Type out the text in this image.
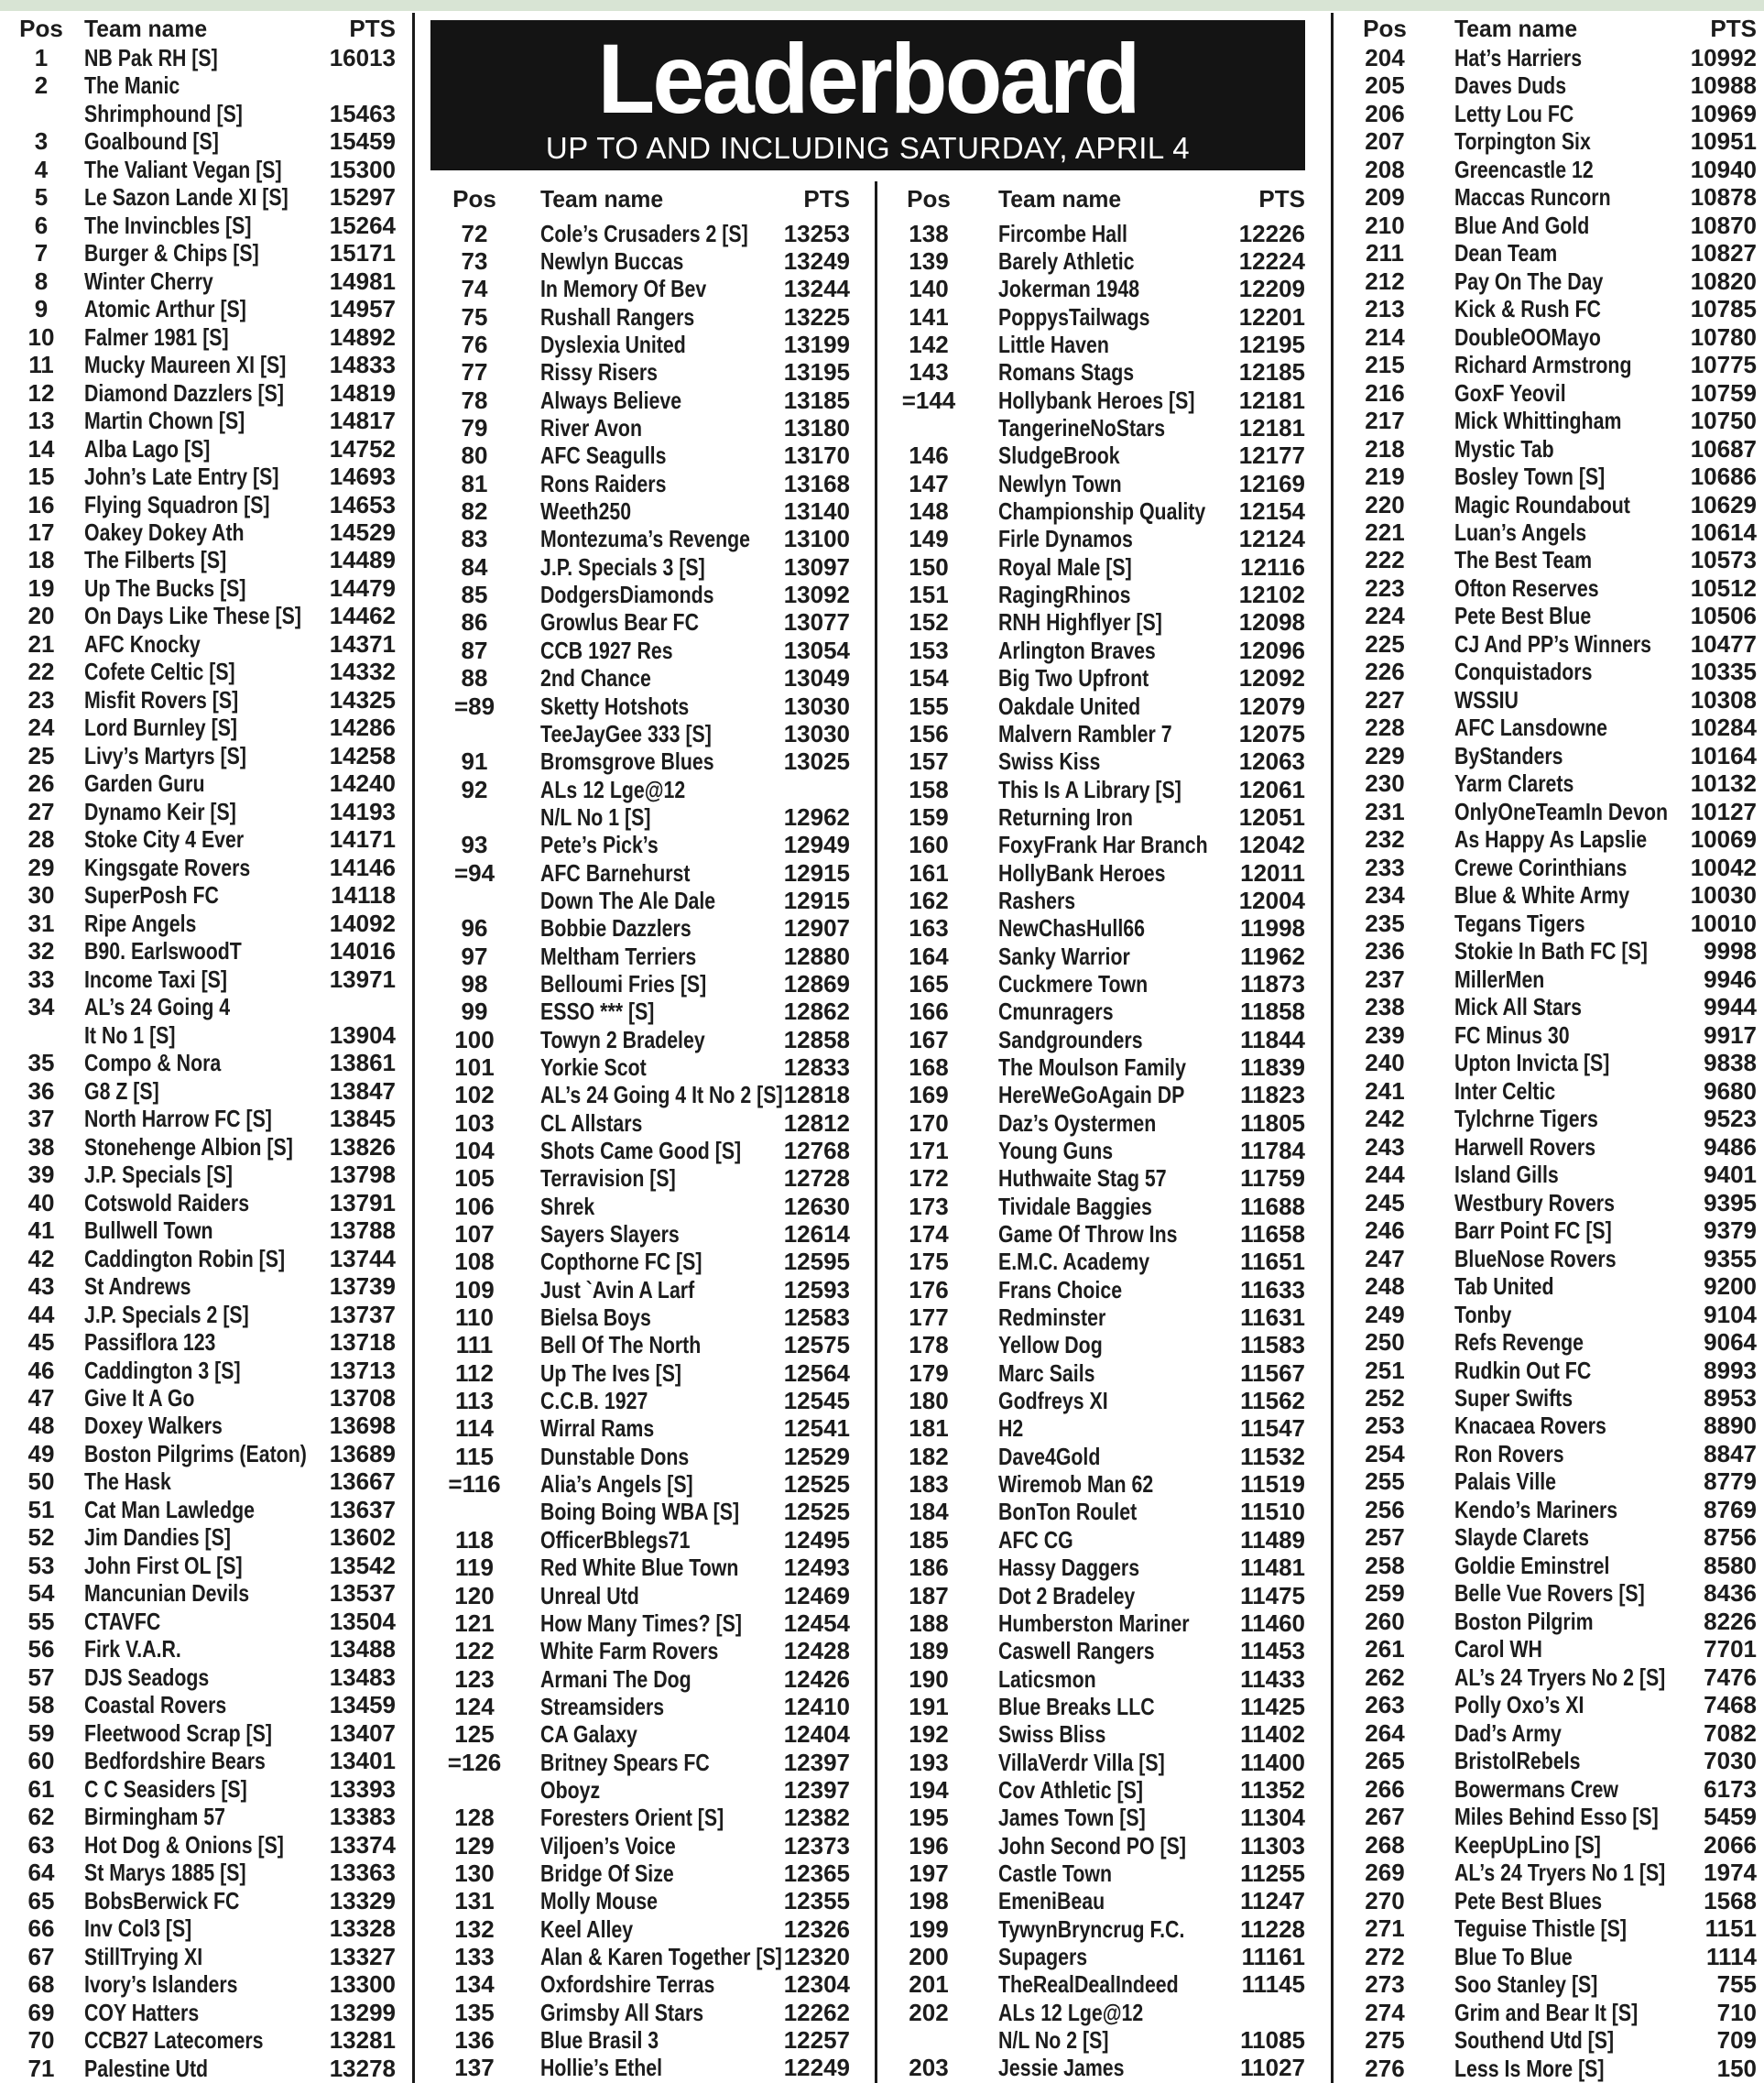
Leaderboard
UP TO AND INCLUDING SATURDAY, APRIL 4
Pos Team name	PTS
1	NB Pak RH [S]	16013
2	The Manic
Shrimphound [S]	15463
3	Goalbound [S]	15459
4	The Valiant Vegan [S]	15300
5	Le Sazon Lande XI [S]	15297
6	The Invincbles [S]	15264
7	Burger & Chips [S]	15171
8	Winter Cherry	14981
9	Atomic Arthur [S]	14957
10	Falmer 1981 [S]	14892
11	Mucky Maureen XI [S]	14833
12	Diamond Dazzlers [S]	14819
13	Martin Chown [S]	14817
14	Alba Lago [S]	14752
15	John’s Late Entry [S]	14693
16	Flying Squadron [S]	14653
17	Oakey Dokey Ath	14529
18	The Filberts [S]	14489
19	Up The Bucks [S]	14479
20	On Days Like These [S]	14462
21	AFC Knocky	14371
22	Cofete Celtic [S]	14332
23	Misfit Rovers [S]	14325
24	Lord Burnley [S]	14286
25	Livy’s Martyrs [S]	14258
26	Garden Guru	14240
27	Dynamo Keir [S]	14193
28	Stoke City 4 Ever	14171
29	Kingsgate Rovers	14146
30	SuperPosh FC	14118
31	Ripe Angels	14092
32	B90. EarlswoodT	14016
33	Income Taxi [S]	13971
34	AL’s 24 Going 4
It No 1 [S]	13904
35	Compo & Nora	13861
36	G8 Z [S]	13847
37	North Harrow FC [S]	13845
38	Stonehenge Albion [S]	13826
39	J.P. Specials [S]	13798
40	Cotswold Raiders	13791
41	Bullwell Town	13788
42	Caddington Robin [S]	13744
43	St Andrews	13739
44	J.P. Specials 2 [S]	13737
45	Passiflora 123	13718
46	Caddington 3 [S]	13713
47	Give It A Go	13708
48	Doxey Walkers	13698
49	Boston Pilgrims (Eaton) 13689
50	The Hask	13667
51	Cat Man Lawledge	13637
52	Jim Dandies [S]	13602
53	John First OL [S]	13542
54	Mancunian Devils	13537
55	CTAVFC	13504
56	Firk V.A.R.	13488
57	DJS Seadogs	13483
58	Coastal Rovers	13459
59	Fleetwood Scrap [S]	13407
60	Bedfordshire Bears	13401
61	C C Seasiders [S]	13393
62	Birmingham 57	13383
63	Hot Dog & Onions [S]	13374
64	St Marys 1885 [S]	13363
65	BobsBerwick FC	13329
66	Inv Col3 [S]	13328
67	StillTrying XI	13327
68	Ivory’s Islanders	13300
69	COY Hatters	13299
70	CCB27 Latecomers	13281
71	Palestine Utd	13278
Pos	Team name	PTS
72	Cole’s Crusaders 2 [S]	13253
73	Newlyn Buccas	13249
74	In Memory Of Bev	13244
75	Rushall Rangers	13225
76	Dyslexia United	13199
77	Rissy Risers	13195
78	Always Believe	13185
79	River Avon	13180
80	AFC Seagulls	13170
81	Rons Raiders	13168
82	Weeth250	13140
83	Montezuma’s Revenge	13100
84	J.P. Specials 3 [S]	13097
85	DodgersDiamonds	13092
86	Growlus Bear FC	13077
87	CCB 1927 Res	13054
88	2nd Chance	13049
=89	Sketty Hotshots	13030
TeeJayGee 333 [S]	13030
91	Bromsgrove Blues	13025
92	ALs 12 Lge@12
N/L No 1 [S]	12962
93	Pete’s Pick’s	12949
=94	AFC Barnehurst	12915
Down The Ale Dale	12915
96	Bobbie Dazzlers	12907
97	Meltham Terriers	12880
98	Belloumi Fries [S]	12869
99	ESSO *** [S]	12862
100	Towyn 2 Bradeley	12858
101	Yorkie Scot	12833
102	AL’s 24 Going 4 It No 2 [S] 12818
103	CL Allstars	12812
104	Shots Came Good [S]	12768
105	Terravision [S]	12728
106	Shrek	12630
107	Sayers Slayers	12614
108	Copthorne FC [S]	12595
109	Just `Avin A Larf	12593
110	Bielsa Boys	12583
111	Bell Of The North	12575
112	Up The Ives [S]	12564
113	C.C.B. 1927	12545
114	Wirral Rams	12541
115	Dunstable Dons	12529
=116	Alia’s Angels [S]	12525
Boing Boing WBA [S]	12525
118	OfficerBblegs71	12495
119	Red White Blue Town	12493
120	Unreal Utd	12469
121	How Many Times? [S]	12454
122	White Farm Rovers	12428
123	Armani The Dog	12426
124	Streamsiders	12410
125	CA Galaxy	12404
=126	Britney Spears FC	12397
Oboyz	12397
128	Foresters Orient [S]	12382
129	Viljoen’s Voice	12373
130	Bridge Of Size	12365
131	Molly Mouse	12355
132	Keel Alley	12326
133	Alan & Karen Together [S] 12320
134	Oxfordshire Terras	12304
135	Grimsby All Stars	12262
136	Blue Brasil 3	12257
137	Hollie’s Ethel	12249
Pos	Team name	PTS
138	Fircombe Hall	12226
139	Barely Athletic	12224
140	Jokerman 1948	12209
141	PoppysTailwags	12201
142	Little Haven	12195
143	Romans Stags	12185
=144	Hollybank Heroes [S]	12181
TangerineNoStars	12181
146	SludgeBrook	12177
147	Newlyn Town	12169
148	Championship Quality	12154
149	Firle Dynamos	12124
150	Royal Male [S]	12116
151	RagingRhinos	12102
152	RNH Highflyer [S]	12098
153	Arlington Braves	12096
154	Big Two Upfront	12092
155	Oakdale United	12079
156	Malvern Rambler 7	12075
157	Swiss Kiss	12063
158	This Is A Library [S]	12061
159	Returning Iron	12051
160	FoxyFrank Har Branch	12042
161	HollyBank Heroes	12011
162	Rashers	12004
163	NewChasHull66	11998
164	Sanky Warrior	11962
165	Cuckmere Town	11873
166	Cmunragers	11858
167	Sandgrounders	11844
168	The Moulson Family	11839
169	HereWeGoAgain DP	11823
170	Daz’s Oystermen	11805
171	Young Guns	11784
172	Huthwaite Stag 57	11759
173	Tividale Baggies	11688
174	Game Of Throw Ins	11658
175	E.M.C. Academy	11651
176	Frans Choice	11633
177	Redminster	11631
178	Yellow Dog	11583
179	Marc Sails	11567
180	Godfreys XI	11562
181	H2	11547
182	Dave4Gold	11532
183	Wiremob Man 62	11519
184	BonTon Roulet	11510
185	AFC CG	11489
186	Hassy Daggers	11481
187	Dot 2 Bradeley	11475
188	Humberston Mariner	11460
189	Caswell Rangers	11453
190	Laticsmon	11433
191	Blue Breaks LLC	11425
192	Swiss Bliss	11402
193	VillaVerdr Villa [S]	11400
194	Cov Athletic [S]	11352
195	James Town [S]	11304
196	John Second PO [S]	11303
197	Castle Town	11255
198	EmeniBeau	11247
199	TywynBryncrug F.C.	11228
200	Supagers	11161
201	TheRealDealIndeed	11145
202	ALs 12 Lge@12
N/L No 2 [S]	11085
203	Jessie James	11027
Pos	Team name	PTS
204	Hat’s Harriers	10992
205	Daves Duds	10988
206	Letty Lou FC	10969
207	Torpington Six	10951
208	Greencastle 12	10940
209	Maccas Runcorn	10878
210	Blue And Gold	10870
211	Dean Team	10827
212	Pay On The Day	10820
213	Kick & Rush FC	10785
214	DoubleOOMayo	10780
215	Richard Armstrong	10775
216	GoxF Yeovil	10759
217	Mick Whittingham	10750
218	Mystic Tab	10687
219	Bosley Town [S]	10686
220	Magic Roundabout	10629
221	Luan’s Angels	10614
222	The Best Team	10573
223	Ofton Reserves	10512
224	Pete Best Blue	10506
225	CJ And PP’s Winners	10477
226	Conquistadors	10335
227	WSSIU	10308
228	AFC Lansdowne	10284
229	ByStanders	10164
230	Yarm Clarets	10132
231	OnlyOneTeamIn Devon 10127
232	As Happy As Lapslie	10069
233	Crewe Corinthians	10042
234	Blue & White Army	10030
235	Tegans Tigers	10010
236	Stokie In Bath FC [S]	9998
237	MillerMen	9946
238	Mick All Stars	9944
239	FC Minus 30	9917
240	Upton Invicta [S]	9838
241	Inter Celtic	9680
242	Tylchrne Tigers	9523
243	Harwell Rovers	9486
244	Island Gills	9401
245	Westbury Rovers	9395
246	Barr Point FC [S]	9379
247	BlueNose Rovers	9355
248	Tab United	9200
249	Tonby	9104
250	Refs Revenge	9064
251	Rudkin Out FC	8993
252	Super Swifts	8953
253	Knacaea Rovers	8890
254	Ron Rovers	8847
255	Palais Ville	8779
256	Kendo’s Mariners	8769
257	Slayde Clarets	8756
258	Goldie Eminstrel	8580
259	Belle Vue Rovers [S]	8436
260	Boston Pilgrim	8226
261	Carol WH	7701
262	AL’s 24 Tryers No 2 [S]	7476
263	Polly Oxo’s XI	7468
264	Dad’s Army	7082
265	BristolRebels	7030
266	Bowermans Crew	6173
267	Miles Behind Esso [S]	5459
268	KeepUpLino [S]	2066
269	AL’s 24 Tryers No 1 [S]	1974
270	Pete Best Blues	1568
271	Teguise Thistle [S]	1151
272	Blue To Blue	1114
273	Soo Stanley [S]	755
274	Grim and Bear It [S]	710
275	Southend Utd [S]	709
276	Less Is More [S]	150
